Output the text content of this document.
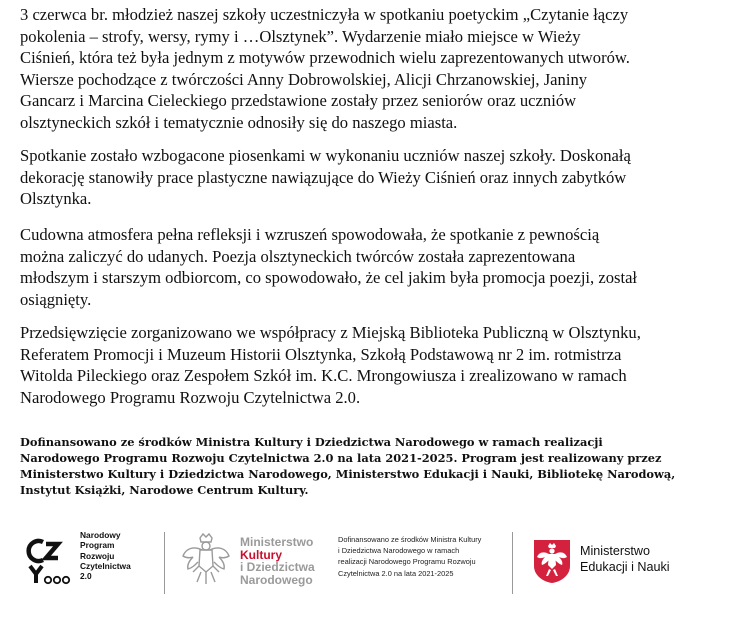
3 czerwca br. młodzież naszej szkoły uczestniczyła w spotkaniu poetyckim „Czytanie łączy
pokolenia – strofy, wersy, rymy i …Olsztynek”. Wydarzenie miało miejsce w Wieży
Ciśnień, która też była jednym z motywów przewodnich wielu zaprezentowanych utworów.
Wiersze pochodzące z twórczości Anny Dobrowolskiej, Alicji Chrzanowskiej, Janiny
Gancarz i Marcina Cieleckiego przedstawione zostały przez seniorów oraz uczniów
olsztyneckich szkół i tematycznie odnosiły się do naszego miasta.
Spotkanie zostało wzbogacone piosenkami w wykonaniu uczniów naszej szkoły. Doskonałą
dekorację stanowiły prace plastyczne nawiązujące do Wieży Ciśnień oraz innych zabytków
Olsztynka.
Cudowna atmosfera pełna refleksji i wzruszeń spowodowała, że spotkanie z pewnością
można zaliczyć do udanych. Poezja olsztyneckich twórców została zaprezentowana
młodszym i starszym odbiorcom, co spowodowało, że cel jakim była promocja poezji, został
osiągnięty.
Przedsięwzięcie zorganizowano we współpracy z Miejską Biblioteka Publiczną w Olsztynku,
Referatem Promocji i Muzeum Historii Olsztynka, Szkołą Podstawową nr 2 im. rotmistrza
Witolda Pileckiego oraz Zespołem Szkół im. K.C. Mrongowiusza i zrealizowano w ramach
Narodowego Programu Rozwoju Czytelnictwa 2.0.
Dofinansowano ze środków Ministra Kultury i Dziedzictwa Narodowego w ramach realizacji
Narodowego Programu Rozwoju Czytelnictwa 2.0 na lata 2021-2025. Program jest realizowany przez
Ministerstwo Kultury i Dziedzictwa Narodowego, Ministerstwo Edukacji i Nauki, Bibliotekę Narodową,
Instytut Książki, Narodowe Centrum Kultury.
Narodowy
Program
Rozwoju
Czytelnictwa
2.0
Ministerstwo
Kultury
i Dziedzictwa
Narodowego
Dofinansowano ze środków Ministra Kultury
i Dziedzictwa Narodowego w ramach
realizacji Narodowego Programu Rozwoju
Czytelnictwa 2.0 na lata 2021-2025
Ministerstwo
Edukacji i Nauki
